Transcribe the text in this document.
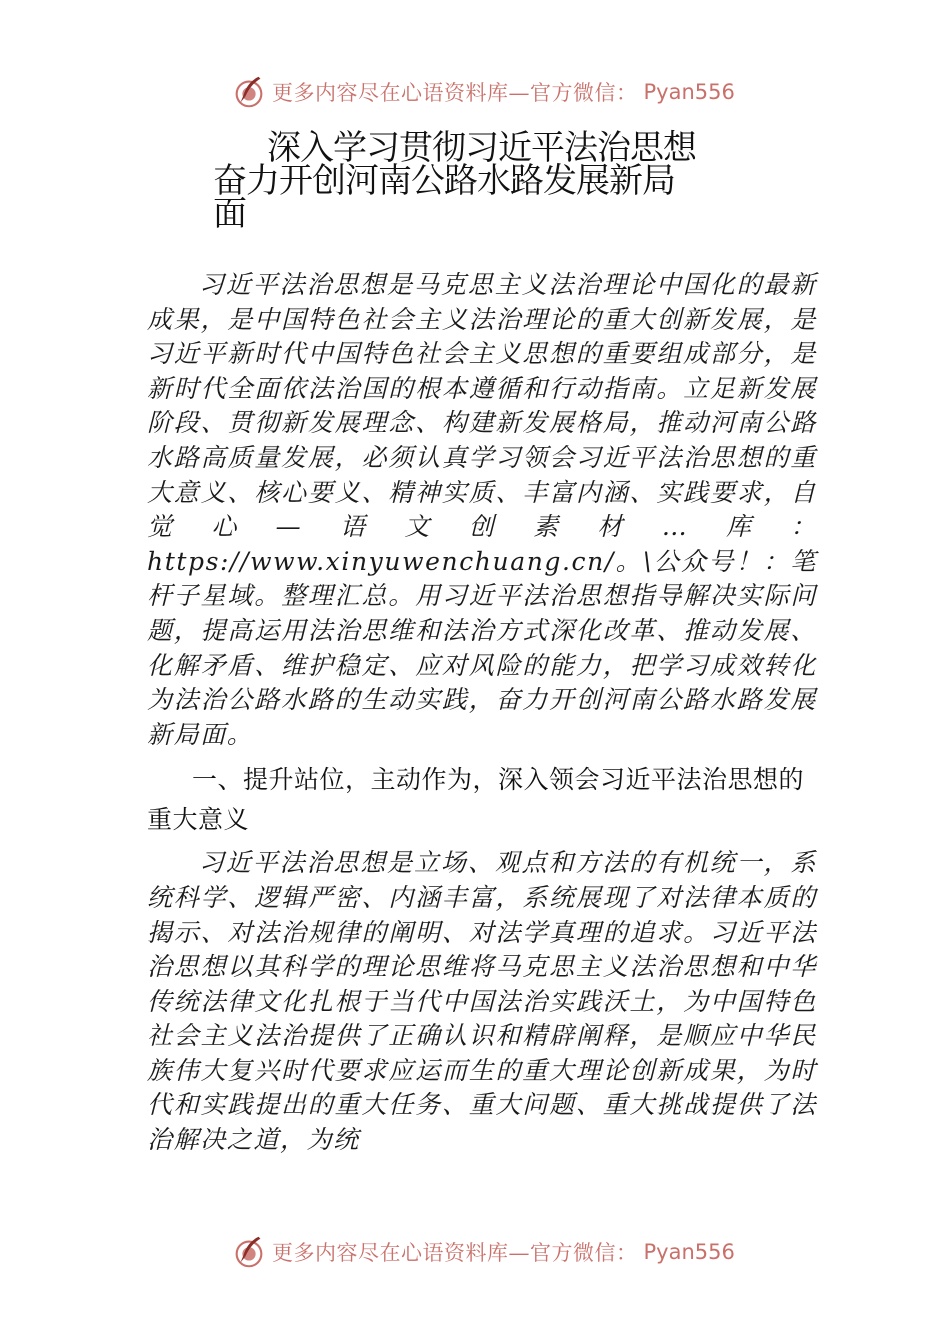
更多内容尽在心语资料库—官方微信： Pyan556
深入学习贯彻习近平法治思想
奋力开创河南公路水路发展新局
面

习近平法治思想是马克思主义法治理论中国化的最新成果，是中国特色社会主义法治理论的重大创新发展，是习近平新时代中国特色社会主义思想的重要组成部分，是新时代全面依法治国的根本遵循和行动指南。立足新发展阶段、贯彻新发展理念、构建新发展格局，推动河南公路水路高质量发展，必须认真学习领会习近平法治思想的重大意义、核心要义、精神实质、丰富内涵、实践要求，自觉心—语文创素材…库：https://www.xinyuwenchuang.cn/。\公众号！：笔杆子星域。整理汇总。用习近平法治思想指导解决实际问题，提高运用法治思维和法治方式深化改革、推动发展、化解矛盾、维护稳定、应对风险的能力，把学习成效转化为法治公路水路的生动实践，奋力开创河南公路水路发展新局面。

一、提升站位，主动作为，深入领会习近平法治思想的重大意义

习近平法治思想是立场、观点和方法的有机统一，系统科学、逻辑严密、内涵丰富，系统展现了对法律本质的揭示、对法治规律的阐明、对法学真理的追求。习近平法治思想以其科学的理论思维将马克思主义法治思想和中华传统法律文化扎根于当代中国法治实践沃土，为中国特色社会主义法治提供了正确认识和精辟阐释，是顺应中华民族伟大复兴时代要求应运而生的重大理论创新成果，为时代和实践提出的重大任务、重大问题、重大挑战提供了法治解决之道，为统

更多内容尽在心语资料库—官方微信： Pyan556
